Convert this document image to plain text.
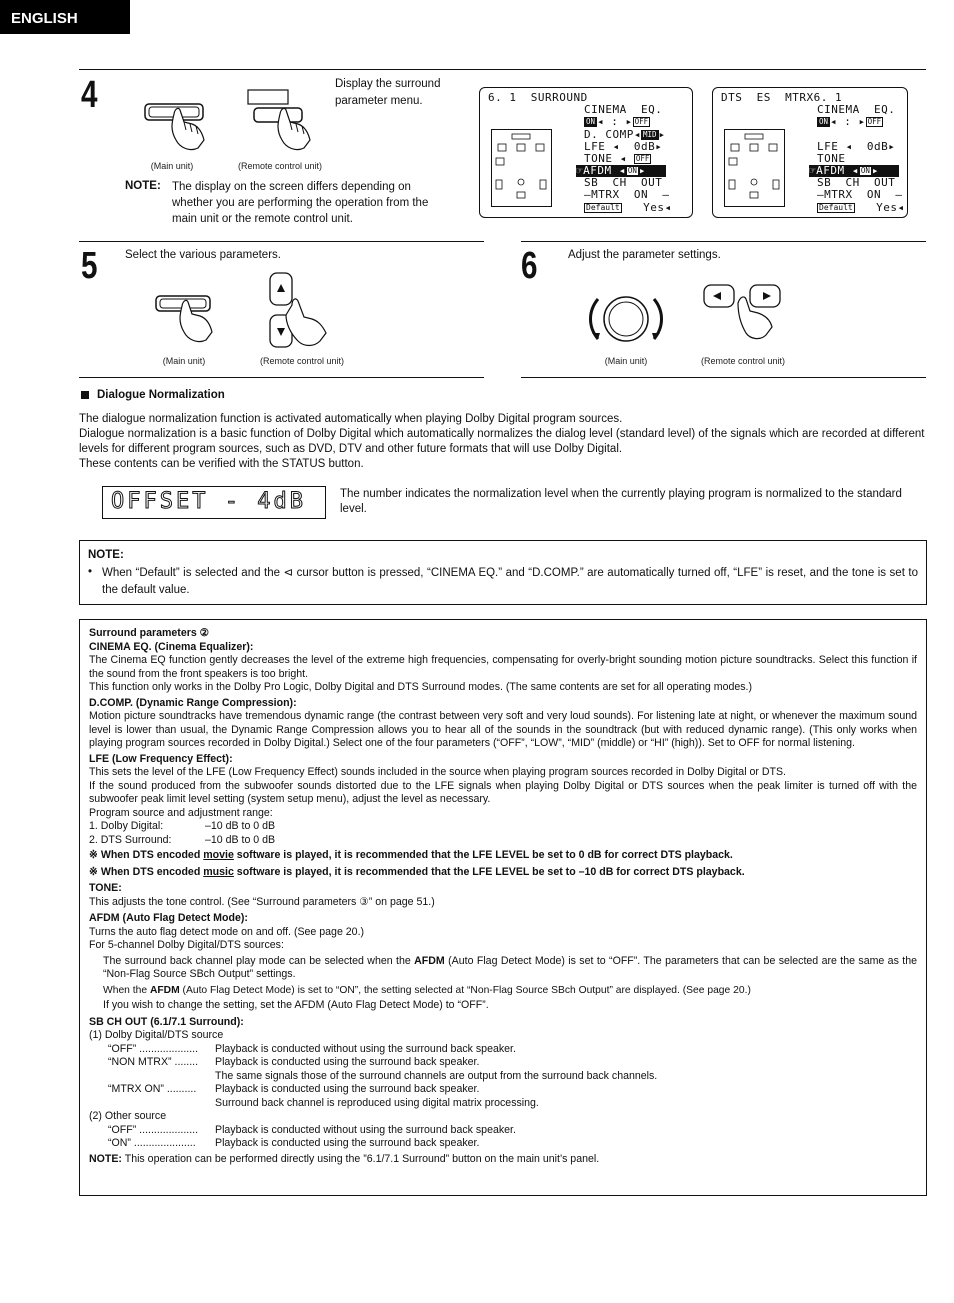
ENGLISH
4
(Main unit)	(Remote control unit)
Display the surround parameter menu.
NOTE: The display on the screen differs depending on whether you are performing the operation from the main unit or the remote control unit.
6. 1  SURROUND
CINEMA  EQ.
ON ◂ : ▸ OFF
D. COMP◂ MID ▸
LFE ◂  0dB▸
TONE ◂ OFF
☞AFDM ◂ ON ▸
SB  CH  OUT
–MTRX  ON  –
Default Yes◂
DTS  ES  MTRX6. 1
CINEMA  EQ.
ON ◂ : ▸ OFF
LFE ◂  0dB▸
TONE
☞AFDM ◂ ON ▸
SB  CH  OUT
–MTRX  ON  –
Default Yes◂
5 Select the various parameters.
(Main unit)	(Remote control unit)
6	Adjust the parameter settings.
(Main unit)	(Remote control unit)
Dialogue Normalization
The dialogue normalization function is activated automatically when playing Dolby Digital program sources.
Dialogue normalization is a basic function of Dolby Digital which automatically normalizes the dialog level (standard level) of the signals which are recorded at different levels for different program sources, such as DVD, DTV and other future formats that will use Dolby Digital.
These contents can be verified with the STATUS button.
OFFSET - 4dB	The number indicates the normalization level when the currently playing program is normalized to the standard level.
NOTE:
• When “Default” is selected and the ⊲ cursor button is pressed, “CINEMA EQ.” and “D.COMP.” are automatically turned off, “LFE” is reset, and the tone is set to the default value.

Surround parameters ②

CINEMA EQ. (Cinema Equalizer):

The Cinema EQ function gently decreases the level of the extreme high frequencies, compensating for overly-bright sounding motion picture soundtracks. Select this function if the sound from the front speakers is too bright.

This function only works in the Dolby Pro Logic, Dolby Digital and DTS Surround modes. (The same contents are set for all operating modes.)

D.COMP. (Dynamic Range Compression):

Motion picture soundtracks have tremendous dynamic range (the contrast between very soft and very loud sounds). For listening late at night, or whenever the maximum sound level is lower than usual, the Dynamic Range Compression allows you to hear all of the sounds in the soundtrack (but with reduced dynamic range). (This only works when playing program sources recorded in Dolby Digital.) Select one of the four parameters (“OFF”, “LOW”, “MID” (middle) or “HI” (high)). Set to OFF for normal listening.

LFE (Low Frequency Effect):

This sets the level of the LFE (Low Frequency Effect) sounds included in the source when playing program sources recorded in Dolby Digital or DTS.

If the sound produced from the subwoofer sounds distorted due to the LFE signals when playing Dolby Digital or DTS sources when the peak limiter is turned off with the subwoofer peak limit level setting (system setup menu), adjust the level as necessary.

Program source and adjustment range:

1. Dolby Digital:	–10 dB to 0 dB
2. DTS Surround:	–10 dB to 0 dB
※ When DTS encoded movie software is played, it is recommended that the LFE LEVEL be set to 0 dB for correct DTS playback.
※ When DTS encoded music software is played, it is recommended that the LFE LEVEL be set to –10 dB for correct DTS playback.

TONE:

This adjusts the tone control. (See “Surround parameters ③” on page 51.)

AFDM (Auto Flag Detect Mode):

Turns the auto flag detect mode on and off. (See page 20.)

For 5-channel Dolby Digital/DTS sources:

The surround back channel play mode can be selected when the AFDM (Auto Flag Detect Mode) is set to “OFF”. The parameters that can be selected are the same as the “Non-Flag Source SBch Output” settings.

When the AFDM (Auto Flag Detect Mode) is set to “ON”, the setting selected at “Non-Flag Source SBch Output” are displayed. (See page 20.)

If you wish to change the setting, set the AFDM (Auto Flag Detect Mode) to “OFF”.

SB CH OUT (6.1/7.1 Surround):

(1) Dolby Digital/DTS source
“OFF” .................... Playback is conducted without using the surround back speaker.
“NON MTRX” ........ Playback is conducted using the surround back speaker.
The same signals those of the surround channels are output from the surround back channels.
“MTRX ON” .......... Playback is conducted using the surround back speaker.
Surround back channel is reproduced using digital matrix processing.
(2) Other source
“OFF” .................... Playback is conducted without using the surround back speaker.
“ON” ..................... Playback is conducted using the surround back speaker.
NOTE: This operation can be performed directly using the ”6.1/7.1 Surround” button on the main unit’s panel.
